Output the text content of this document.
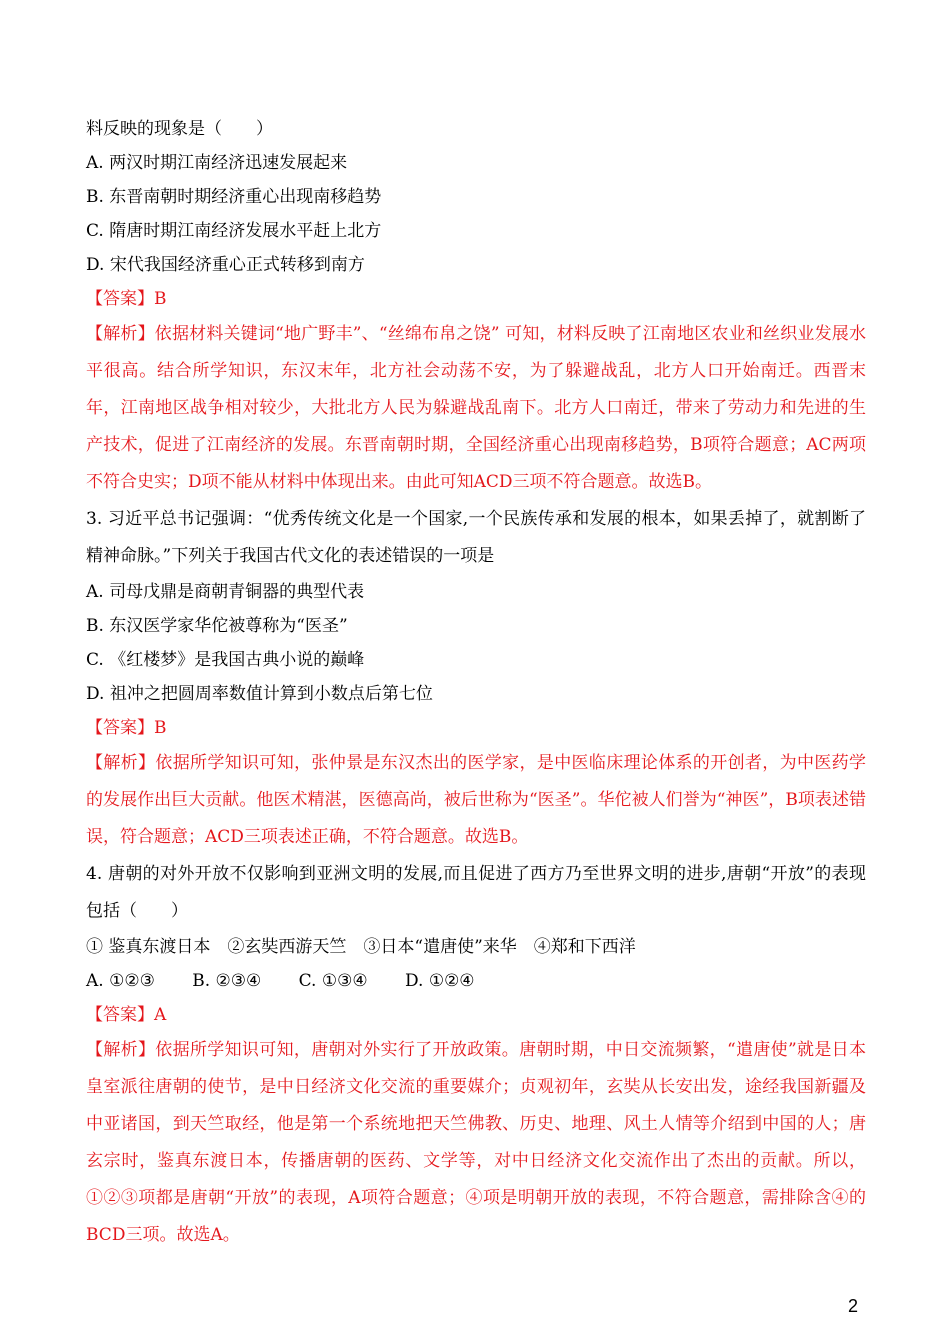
料反映的现象是（　　）

A. 两汉时期江南经济迅速发展起来

B. 东晋南朝时期经济重心出现南移趋势

C. 隋唐时期江南经济发展水平赶上北方

D. 宋代我国经济重心正式转移到南方

【答案】B

【解析】依据材料关键词“地广野丰”、“丝绵布帛之饶” 可知，材料反映了江南地区农业和丝织业发展水平很高。结合所学知识，东汉末年，北方社会动荡不安，为了躲避战乱，北方人口开始南迁。西晋末年，江南地区战争相对较少，大批北方人民为躲避战乱南下。北方人口南迁，带来了劳动力和先进的生产技术，促进了江南经济的发展。东晋南朝时期，全国经济重心出现南移趋势，B项符合题意；AC两项不符合史实；D项不能从材料中体现出来。由此可知ACD三项不符合题意。故选B。

3. 习近平总书记强调：“优秀传统文化是一个国家,一个民族传承和发展的根本，如果丢掉了，就割断了精神命脉。”下列关于我国古代文化的表述错误的一项是

A. 司母戊鼎是商朝青铜器的典型代表

B. 东汉医学家华佗被尊称为“医圣”

C. 《红楼梦》是我国古典小说的巅峰

D. 祖冲之把圆周率数值计算到小数点后第七位

【答案】B

【解析】依据所学知识可知，张仲景是东汉杰出的医学家，是中医临床理论体系的开创者，为中医药学的发展作出巨大贡献。他医术精湛，医德高尚，被后世称为“医圣”。华佗被人们誉为“神医”，B项表述错误，符合题意；ACD三项表述正确，不符合题意。故选B。

4. 唐朝的对外开放不仅影响到亚洲文明的发展,而且促进了西方乃至世界文明的进步,唐朝“开放”的表现包括（　　）

① 鉴真东渡日本　②玄奘西游天竺　③日本“遣唐使”来华　④郑和下西洋

A. ①②③ B. ②③④ C. ①③④ D. ①②④

【答案】A

【解析】依据所学知识可知，唐朝对外实行了开放政策。唐朝时期，中日交流频繁，“遣唐使”就是日本皇室派往唐朝的使节，是中日经济文化交流的重要媒介；贞观初年，玄奘从长安出发，途经我国新疆及中亚诸国，到天竺取经，他是第一个系统地把天竺佛教、历史、地理、风土人情等介绍到中国的人；唐玄宗时，鉴真东渡日本，传播唐朝的医药、文学等，对中日经济文化交流作出了杰出的贡献。所以，①②③项都是唐朝“开放”的表现，A项符合题意；④项是明朝开放的表现，不符合题意，需排除含④的BCD三项。故选A。

2
